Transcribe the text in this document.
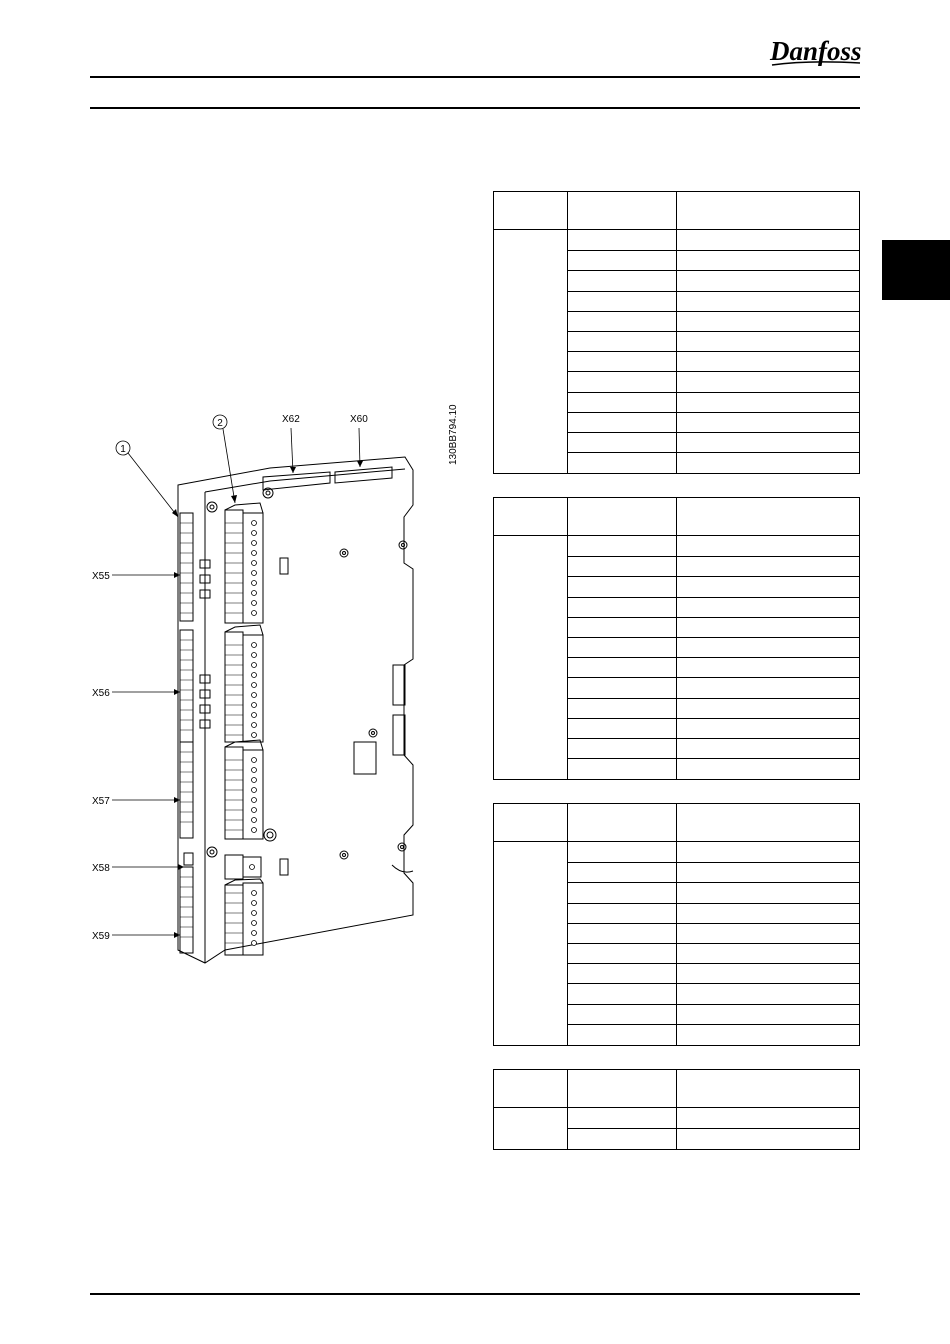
Danfoss
1
2
X55
X56
X57
X58
X59
X62	X60	130BB794.10
